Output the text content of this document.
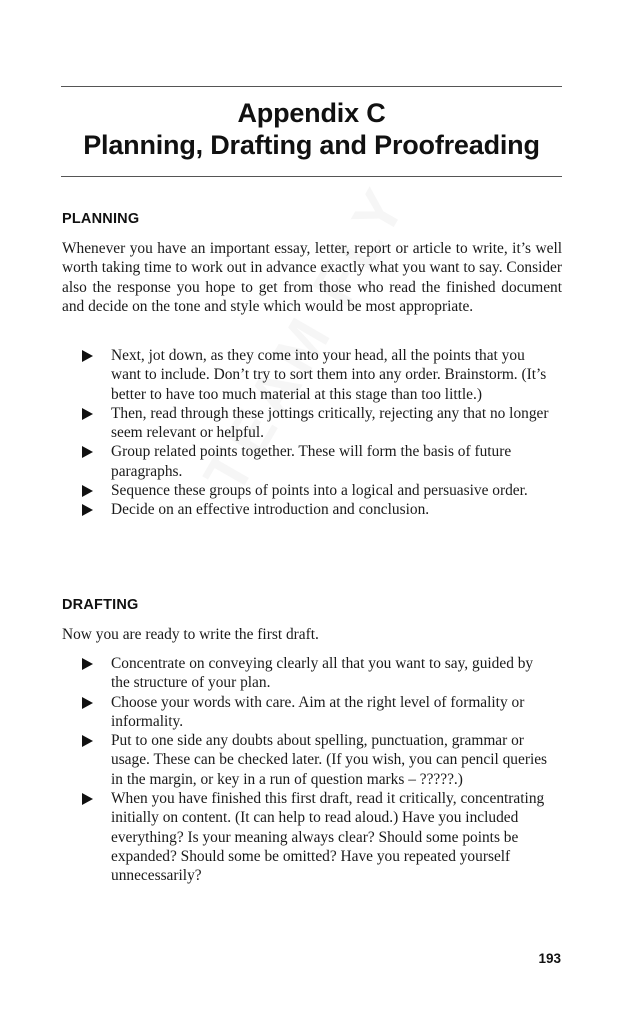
Appendix C
Planning, Drafting and Proofreading
PLANNING

Whenever you have an important essay, letter, report or article to write, it’s well worth taking time to work out in advance exactly what you want to say. Consider also the response you hope to get from those who read the finished document and decide on the tone and style which would be most appropriate.

Next, jot down, as they come into your head, all the points that you want to include. Don’t try to sort them into any order. Brainstorm. (It’s better to have too much material at this stage than too little.)
Then, read through these jottings critically, rejecting any that no longer seem relevant or helpful.
Group related points together. These will form the basis of future paragraphs.
Sequence these groups of points into a logical and persuasive order.
Decide on an effective introduction and conclusion.
DRAFTING

Now you are ready to write the first draft.

Concentrate on conveying clearly all that you want to say, guided by the structure of your plan.
Choose your words with care. Aim at the right level of formality or informality.
Put to one side any doubts about spelling, punctuation, grammar or usage. These can be checked later. (If you wish, you can pencil queries in the margin, or key in a run of question marks – ?????.)
When you have finished this first draft, read it critically, concentrating initially on content. (It can help to read aloud.) Have you included everything? Is your meaning always clear? Should some points be expanded? Should some be omitted? Have you repeated yourself unnecessarily?
193
